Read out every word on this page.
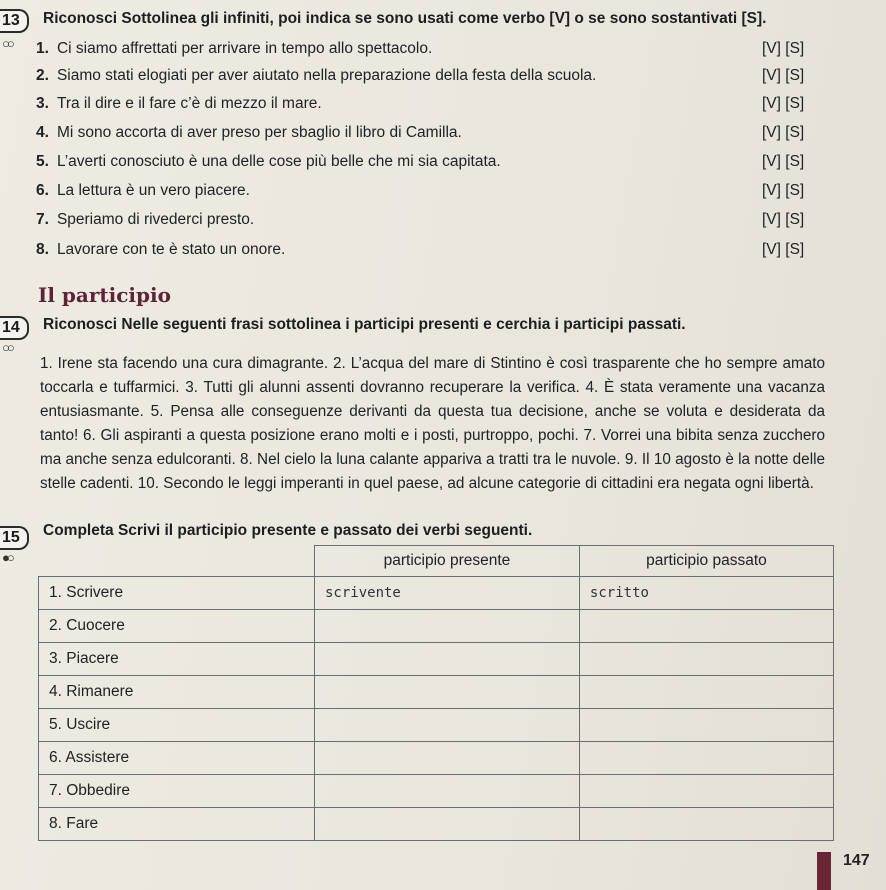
13
○○
Riconosci Sottolinea gli infiniti, poi indica se sono usati come verbo [V] o se sono sostantivati [S].
1. Ci siamo affrettati per arrivare in tempo allo spettacolo.	[V] [S]
2. Siamo stati elogiati per aver aiutato nella preparazione della festa della scuola.	[V] [S]
3. Tra il dire e il fare c’è di mezzo il mare.	[V] [S]
4. Mi sono accorta di aver preso per sbaglio il libro di Camilla.	[V] [S]
5. L’averti conosciuto è una delle cose più belle che mi sia capitata.	[V] [S]
6. La lettura è un vero piacere.	[V] [S]
7. Speriamo di rivederci presto.	[V] [S]
8. Lavorare con te è stato un onore.	[V] [S]
Il participio
14
○○
Riconosci Nelle seguenti frasi sottolinea i participi presenti e cerchia i participi passati.
1. Irene sta facendo una cura dimagrante. 2. L’acqua del mare di Stintino è così trasparente che ho sempre amato toccarla e tuffarmici. 3. Tutti gli alunni assenti dovranno recuperare la verifica. 4. È stata veramente una vacanza entusiasmante. 5. Pensa alle conseguenze derivanti da questa tua decisione, anche se voluta e desiderata da tanto! 6. Gli aspiranti a questa posizione erano molti e i posti, purtroppo, pochi. 7. Vorrei una bibita senza zucchero ma anche senza edulcoranti. 8. Nel cielo la luna calante appariva a tratti tra le nuvole. 9. Il 10 agosto è la notte delle stelle cadenti. 10. Secondo le leggi imperanti in quel paese, ad alcune categorie di cittadini era negata ogni libertà.
15
●○
Completa Scrivi il participio presente e passato dei verbi seguenti.
	participio presente	participio passato
1. Scrivere	scrivente	scritto
2. Cuocere		
3. Piacere		
4. Rimanere		
5. Uscire		
6. Assistere		
7. Obbedire		
8. Fare		
147
